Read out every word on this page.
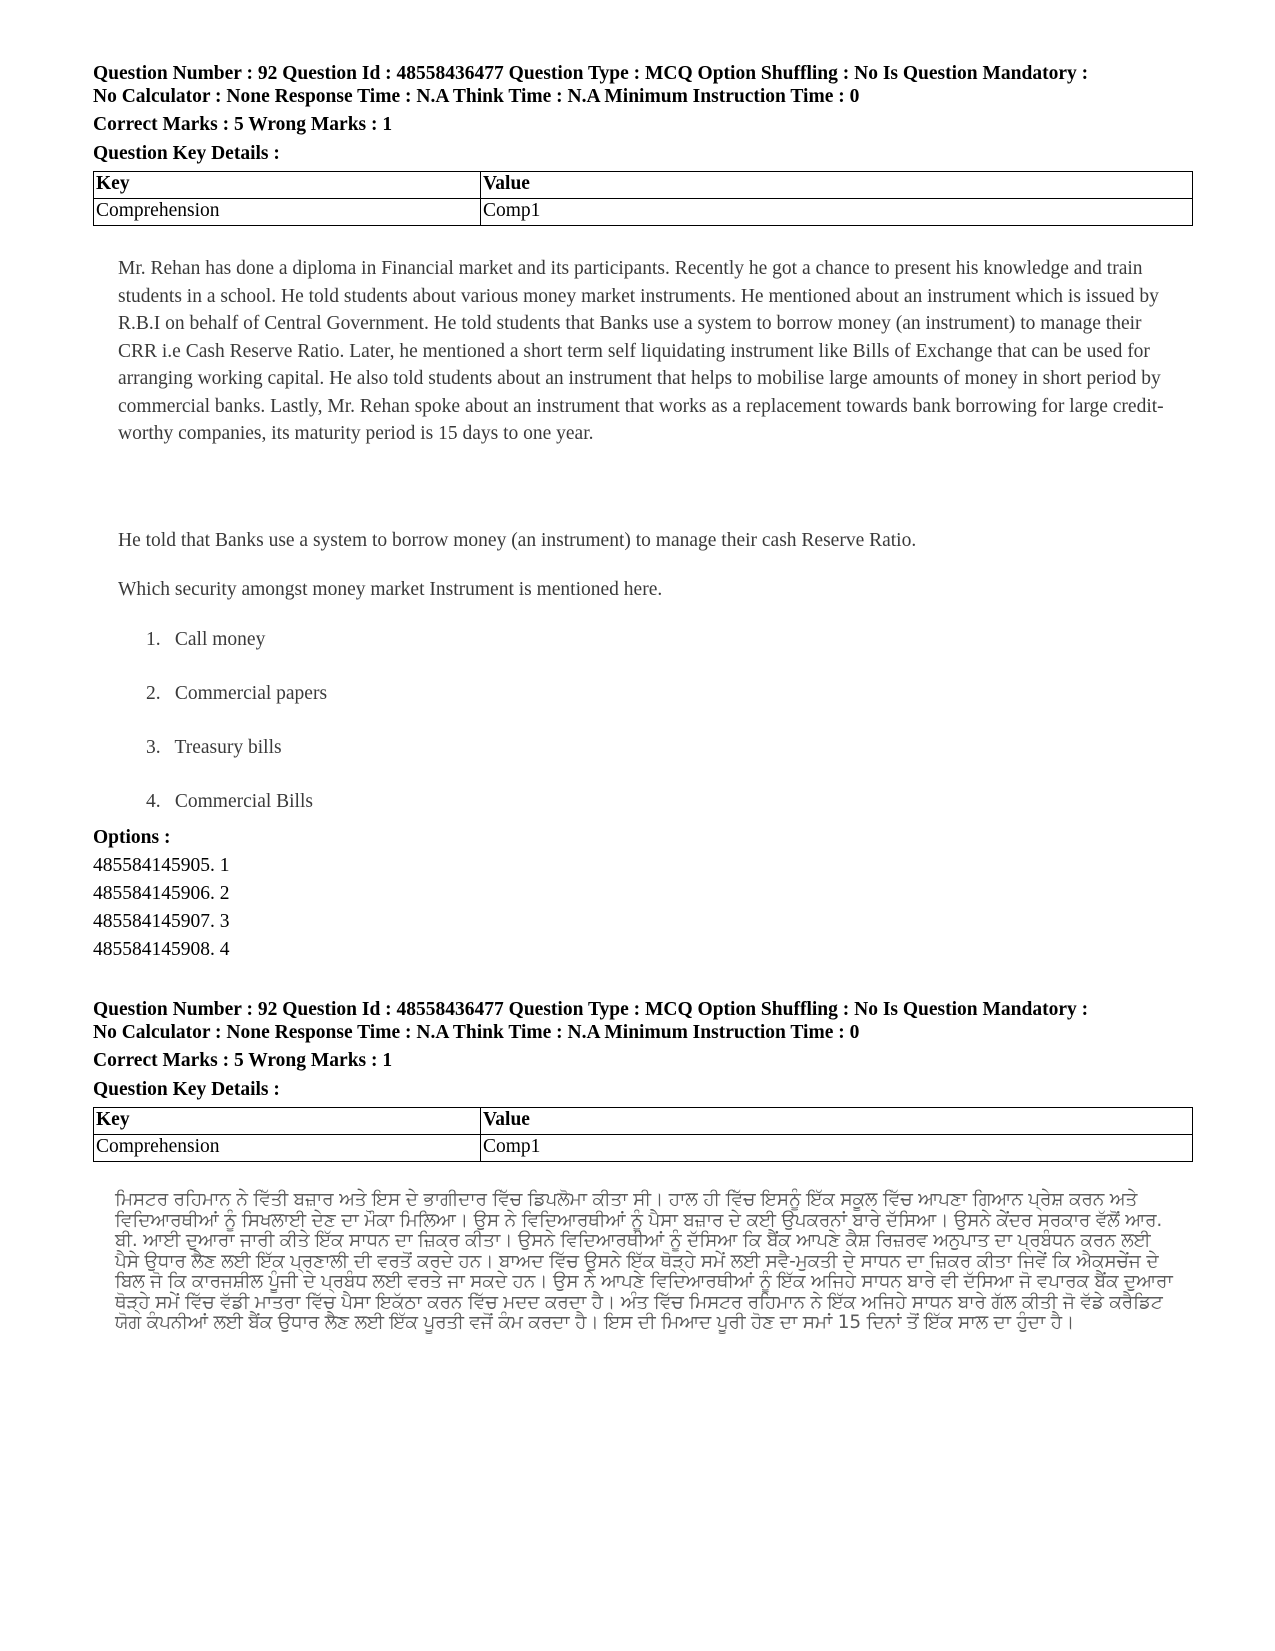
Question Number : 92 Question Id : 48558436477 Question Type : MCQ Option Shuffling : No Is Question Mandatory :

No Calculator : None Response Time : N.A Think Time : N.A Minimum Instruction Time : 0

Correct Marks : 5 Wrong Marks : 1
Question Key Details :
Key	Value
Comprehension	Comp1

Mr. Rehan has done a diploma in Financial market and its participants. Recently he got a chance to present his knowledge and train students in a school. He told students about various money market instruments. He mentioned about an instrument which is issued by R.B.I on behalf of Central Government. He told students that Banks use a system to borrow money (an instrument) to manage their CRR i.e Cash Reserve Ratio. Later, he mentioned a short term self liquidating instrument like Bills of Exchange that can be used for arranging working capital. He also told students about an instrument that helps to mobilise large amounts of money in short period by commercial banks. Lastly, Mr. Rehan spoke about an instrument that works as a replacement towards bank borrowing for large credit-worthy companies, its maturity period is 15 days to one year.

He told that Banks use a system to borrow money (an instrument) to manage their cash Reserve Ratio.

Which security amongst money market Instrument is mentioned here.

1. Call money
2. Commercial papers
3. Treasury bills
4. Commercial Bills
Options :
485584145905. 1
485584145906. 2
485584145907. 3
485584145908. 4

Question Number : 92 Question Id : 48558436477 Question Type : MCQ Option Shuffling : No Is Question Mandatory :

No Calculator : None Response Time : N.A Think Time : N.A Minimum Instruction Time : 0

Correct Marks : 5 Wrong Marks : 1
Question Key Details :
Key	Value
Comprehension	Comp1

ਮਿਸਟਰ ਰਹਿਮਾਨ ਨੇ ਵਿੱਤੀ ਬਜ਼ਾਰ ਅਤੇ ਇਸ ਦੇ ਭਾਗੀਦਾਰ ਵਿੱਚ ਡਿਪਲੋਮਾ ਕੀਤਾ ਸੀ। ਹਾਲ ਹੀ ਵਿੱਚ ਇਸਨੂੰ ਇੱਕ ਸਕੂਲ ਵਿੱਚ ਆਪਣਾ ਗਿਆਨ ਪ੍ਰੇਸ਼ ਕਰਨ ਅਤੇ ਵਿਦਿਆਰਥੀਆਂ ਨੂੰ ਸਿਖਲਾਈ ਦੇਣ ਦਾ ਮੌਕਾ ਮਿਲਿਆ। ਉਸ ਨੇ ਵਿਦਿਆਰਥੀਆਂ ਨੂੰ ਪੈਸਾ ਬਜ਼ਾਰ ਦੇ ਕਈ ਉਪਕਰਨਾਂ ਬਾਰੇ ਦੱਸਿਆ। ਉਸਨੇ ਕੇਂਦਰ ਸਰਕਾਰ ਵੱਲੋਂ ਆਰ. ਬੀ. ਆਈ ਦੁਆਰਾ ਜਾਰੀ ਕੀਤੇ ਇੱਕ ਸਾਧਨ ਦਾ ਜ਼ਿਕਰ ਕੀਤਾ। ਉਸਨੇ ਵਿਦਿਆਰਥੀਆਂ ਨੂੰ ਦੱਸਿਆ ਕਿ ਬੈਂਕ ਆਪਣੇ ਕੈਸ਼ ਰਿਜ਼ਰਵ ਅਨੁਪਾਤ ਦਾ ਪ੍ਰਬੰਧਨ ਕਰਨ ਲਈ ਪੈਸੇ ਉਧਾਰ ਲੈਣ ਲਈ ਇੱਕ ਪ੍ਰਣਾਲੀ ਦੀ ਵਰਤੋਂ ਕਰਦੇ ਹਨ। ਬਾਅਦ ਵਿੱਚ ਉਸਨੇ ਇੱਕ ਥੋੜ੍ਹੇ ਸਮੇਂ ਲਈ ਸਵੈ-ਮੁਕਤੀ ਦੇ ਸਾਧਨ ਦਾ ਜ਼ਿਕਰ ਕੀਤਾ ਜਿਵੇਂ ਕਿ ਐਕਸਚੇਂਜ ਦੇ ਬਿਲ ਜੋ ਕਿ ਕਾਰਜਸ਼ੀਲ ਪੂੰਜੀ ਦੇ ਪ੍ਰਬੰਧ ਲਈ ਵਰਤੇ ਜਾ ਸਕਦੇ ਹਨ। ਉਸ ਨੇ ਆਪਣੇ ਵਿਦਿਆਰਥੀਆਂ ਨੂੰ ਇੱਕ ਅਜਿਹੇ ਸਾਧਨ ਬਾਰੇ ਵੀ ਦੱਸਿਆ ਜੋ ਵਪਾਰਕ ਬੈਂਕ ਦੁਆਰਾ ਥੋੜ੍ਹੇ ਸਮੇਂ ਵਿੱਚ ਵੱਡੀ ਮਾਤਰਾ ਵਿੱਚ ਪੈਸਾ ਇਕੱਠਾ ਕਰਨ ਵਿੱਚ ਮਦਦ ਕਰਦਾ ਹੈ। ਅੰਤ ਵਿੱਚ ਮਿਸਟਰ ਰਹਿਮਾਨ ਨੇ ਇੱਕ ਅਜਿਹੇ ਸਾਧਨ ਬਾਰੇ ਗੱਲ ਕੀਤੀ ਜੋ ਵੱਡੇ ਕਰੈਡਿਟ ਯੋਗ ਕੰਪਨੀਆਂ ਲਈ ਬੈਂਕ ਉਧਾਰ ਲੈਣ ਲਈ ਇੱਕ ਪੂਰਤੀ ਵਜੋਂ ਕੰਮ ਕਰਦਾ ਹੈ। ਇਸ ਦੀ ਮਿਆਦ ਪੂਰੀ ਹੋਣ ਦਾ ਸਮਾਂ 15 ਦਿਨਾਂ ਤੋਂ ਇੱਕ ਸਾਲ ਦਾ ਹੁੰਦਾ ਹੈ।
